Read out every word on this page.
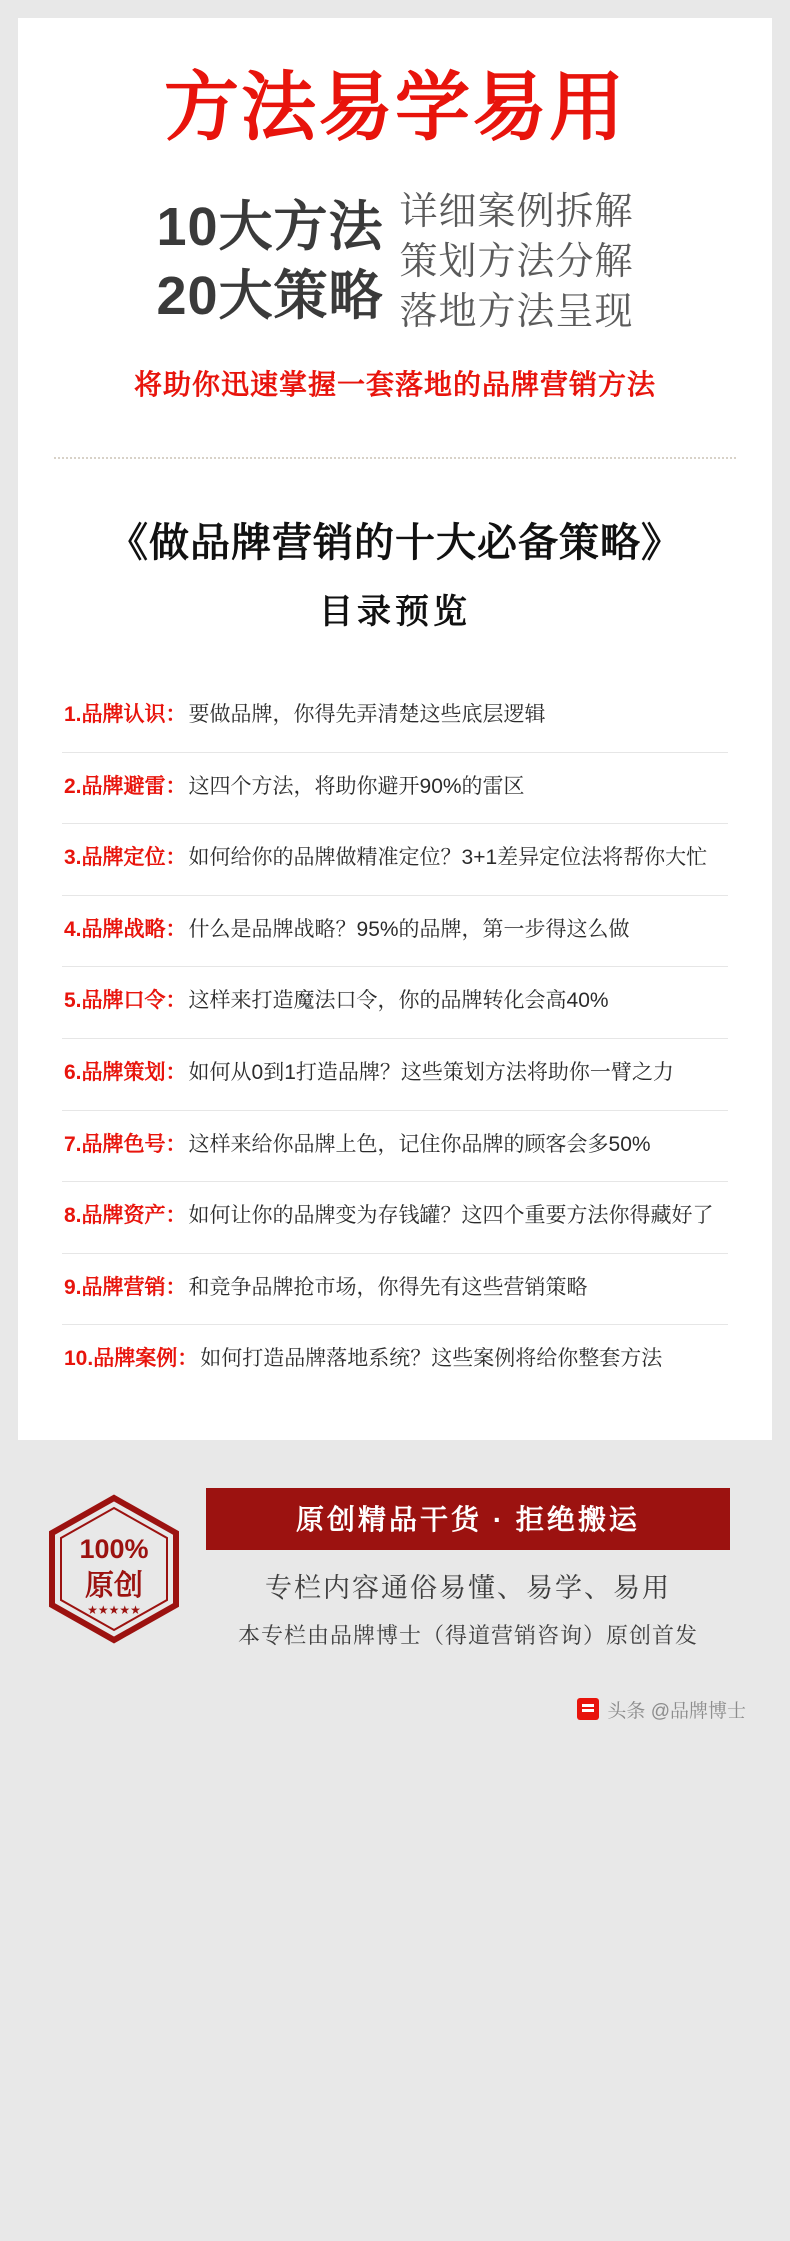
方法易学易用
10大方法
20大策略
详细案例拆解
策划方法分解
落地方法呈现
将助你迅速掌握一套落地的品牌营销方法
《做品牌营销的十大必备策略》
目录预览
1.品牌认识：要做品牌，你得先弄清楚这些底层逻辑
2.品牌避雷：这四个方法，将助你避开90%的雷区
3.品牌定位：如何给你的品牌做精准定位？3+1差异定位法将帮你大忙
4.品牌战略：什么是品牌战略？95%的品牌，第一步得这么做
5.品牌口令：这样来打造魔法口令，你的品牌转化会高40%
6.品牌策划：如何从0到1打造品牌？这些策划方法将助你一臂之力
7.品牌色号：这样来给你品牌上色，记住你品牌的顾客会多50%
8.品牌资产：如何让你的品牌变为存钱罐？这四个重要方法你得藏好了
9.品牌营销：和竞争品牌抢市场，你得先有这些营销策略
10.品牌案例：如何打造品牌落地系统？这些案例将给你整套方法
100%
原创
★★★★★
原创精品干货 · 拒绝搬运
专栏内容通俗易懂、易学、易用
本专栏由品牌博士（得道营销咨询）原创首发
头条 @品牌博士
